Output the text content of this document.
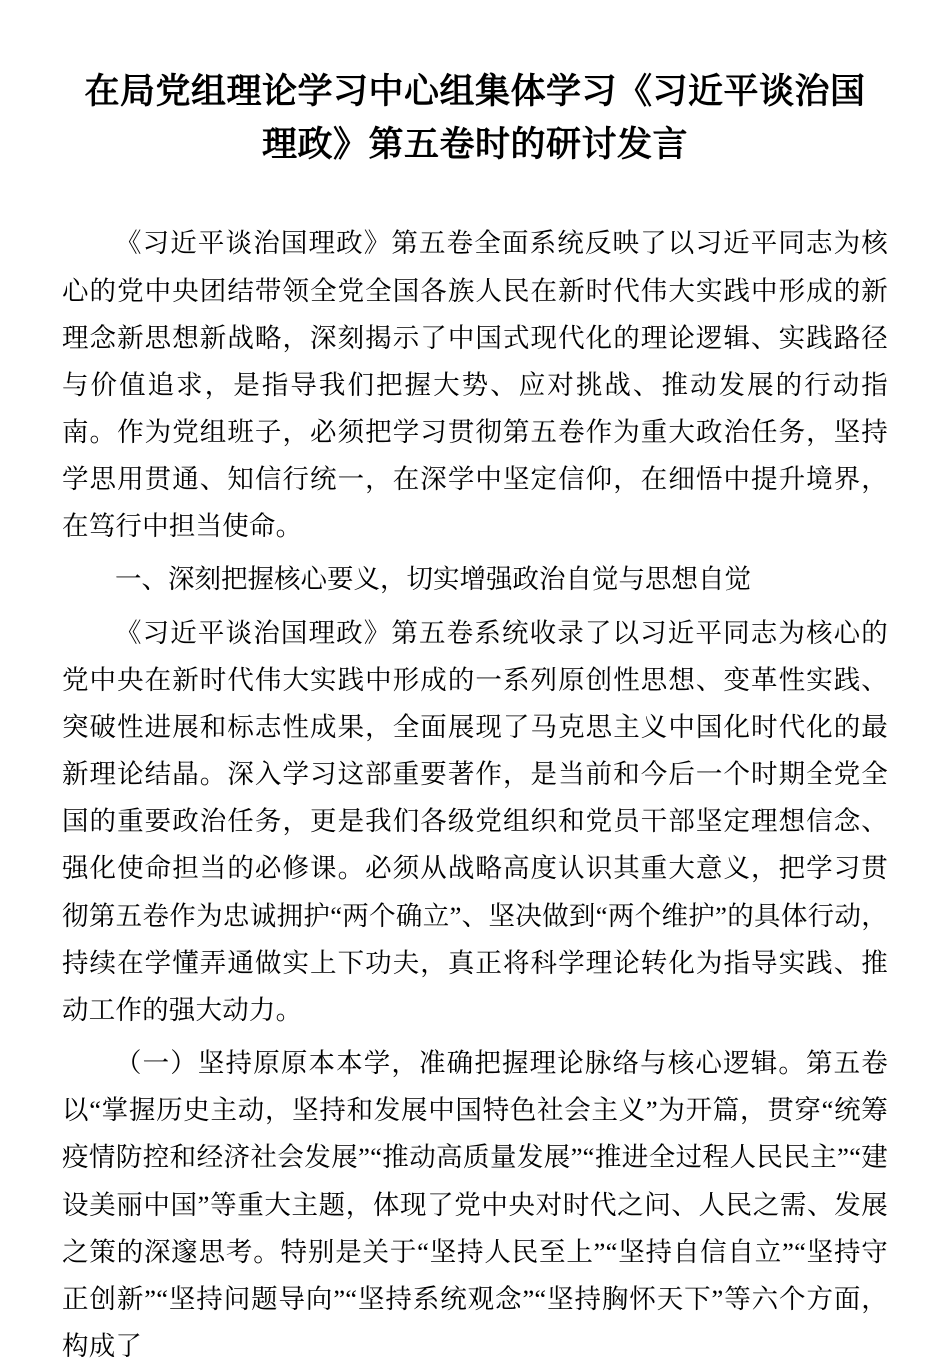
在局党组理论学习中心组集体学习《习近平谈治国理政》第五卷时的研讨发言

《习近平谈治国理政》第五卷全面系统反映了以习近平同志为核心的党中央团结带领全党全国各族人民在新时代伟大实践中形成的新理念新思想新战略，深刻揭示了中国式现代化的理论逻辑、实践路径与价值追求，是指导我们把握大势、应对挑战、推动发展的行动指南。作为党组班子，必须把学习贯彻第五卷作为重大政治任务，坚持学思用贯通、知信行统一，在深学中坚定信仰，在细悟中提升境界，在笃行中担当使命。

一、深刻把握核心要义，切实增强政治自觉与思想自觉

《习近平谈治国理政》第五卷系统收录了以习近平同志为核心的党中央在新时代伟大实践中形成的一系列原创性思想、变革性实践、突破性进展和标志性成果，全面展现了马克思主义中国化时代化的最新理论结晶。深入学习这部重要著作，是当前和今后一个时期全党全国的重要政治任务，更是我们各级党组织和党员干部坚定理想信念、强化使命担当的必修课。必须从战略高度认识其重大意义，把学习贯彻第五卷作为忠诚拥护“两个确立”、坚决做到“两个维护”的具体行动，持续在学懂弄通做实上下功夫，真正将科学理论转化为指导实践、推动工作的强大动力。

（一）坚持原原本本学，准确把握理论脉络与核心逻辑。第五卷以“掌握历史主动，坚持和发展中国特色社会主义”为开篇，贯穿“统筹疫情防控和经济社会发展”“推动高质量发展”“推进全过程人民民主”“建设美丽中国”等重大主题，体现了党中央对时代之问、人民之需、发展之策的深邃思考。特别是关于“坚持人民至上”“坚持自信自立”“坚持守正创新”“坚持问题导向”“坚持系统观念”“坚持胸怀天下”等六个方面，构成了
